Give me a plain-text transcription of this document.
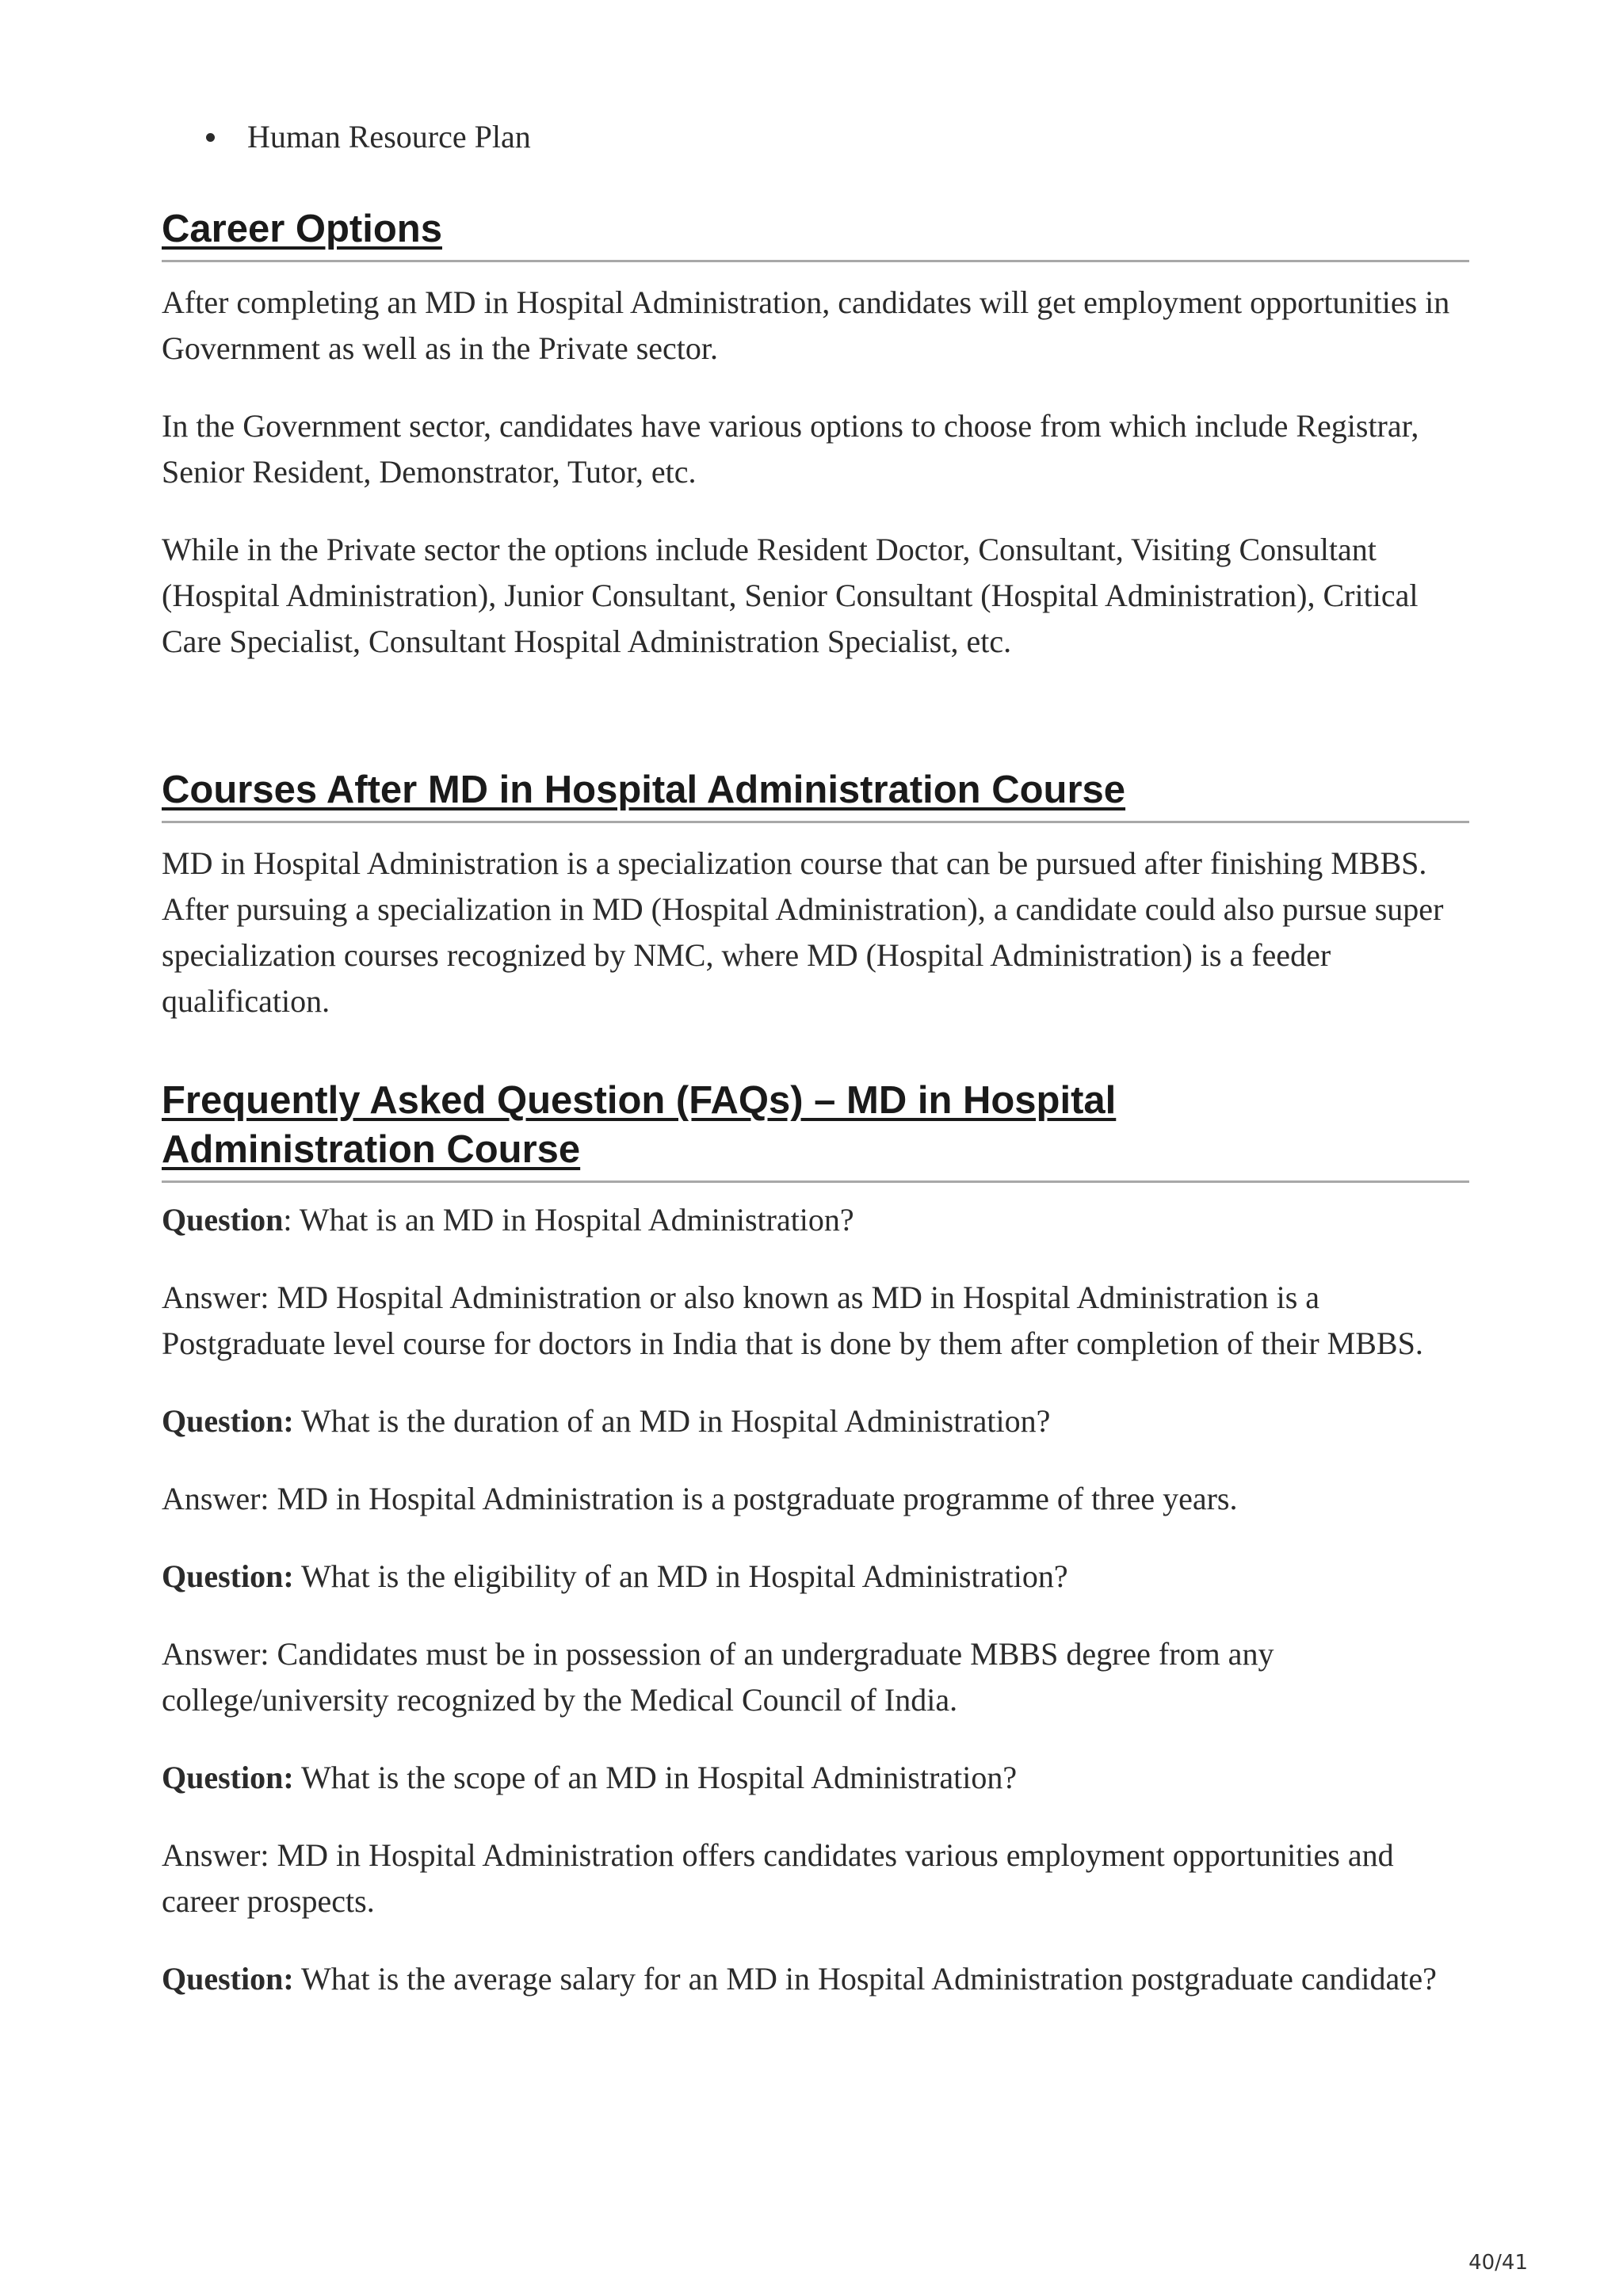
Human Resource Plan
Career Options

After completing an MD in Hospital Administration, candidates will get employment opportunities in Government as well as in the Private sector.

In the Government sector, candidates have various options to choose from which include Registrar, Senior Resident, Demonstrator, Tutor, etc.

While in the Private sector the options include Resident Doctor, Consultant, Visiting Consultant (Hospital Administration), Junior Consultant, Senior Consultant (Hospital Administration), Critical Care Specialist, Consultant Hospital Administration Specialist, etc.

Courses After MD in Hospital Administration Course

MD in Hospital Administration is a specialization course that can be pursued after finishing MBBS. After pursuing a specialization in MD (Hospital Administration), a candidate could also pursue super specialization courses recognized by NMC, where MD (Hospital Administration) is a feeder qualification.

Frequently Asked Question (FAQs) – MD in Hospital Administration Course

Question: What is an MD in Hospital Administration?

Answer: MD Hospital Administration or also known as MD in Hospital Administration is a Postgraduate level course for doctors in India that is done by them after completion of their MBBS.

Question: What is the duration of an MD in Hospital Administration?

Answer: MD in Hospital Administration is a postgraduate programme of three years.

Question: What is the eligibility of an MD in Hospital Administration?

Answer: Candidates must be in possession of an undergraduate MBBS degree from any college/university recognized by the Medical Council of India.

Question: What is the scope of an MD in Hospital Administration?

Answer: MD in Hospital Administration offers candidates various employment opportunities and career prospects.

Question: What is the average salary for an MD in Hospital Administration postgraduate candidate?

40/41
